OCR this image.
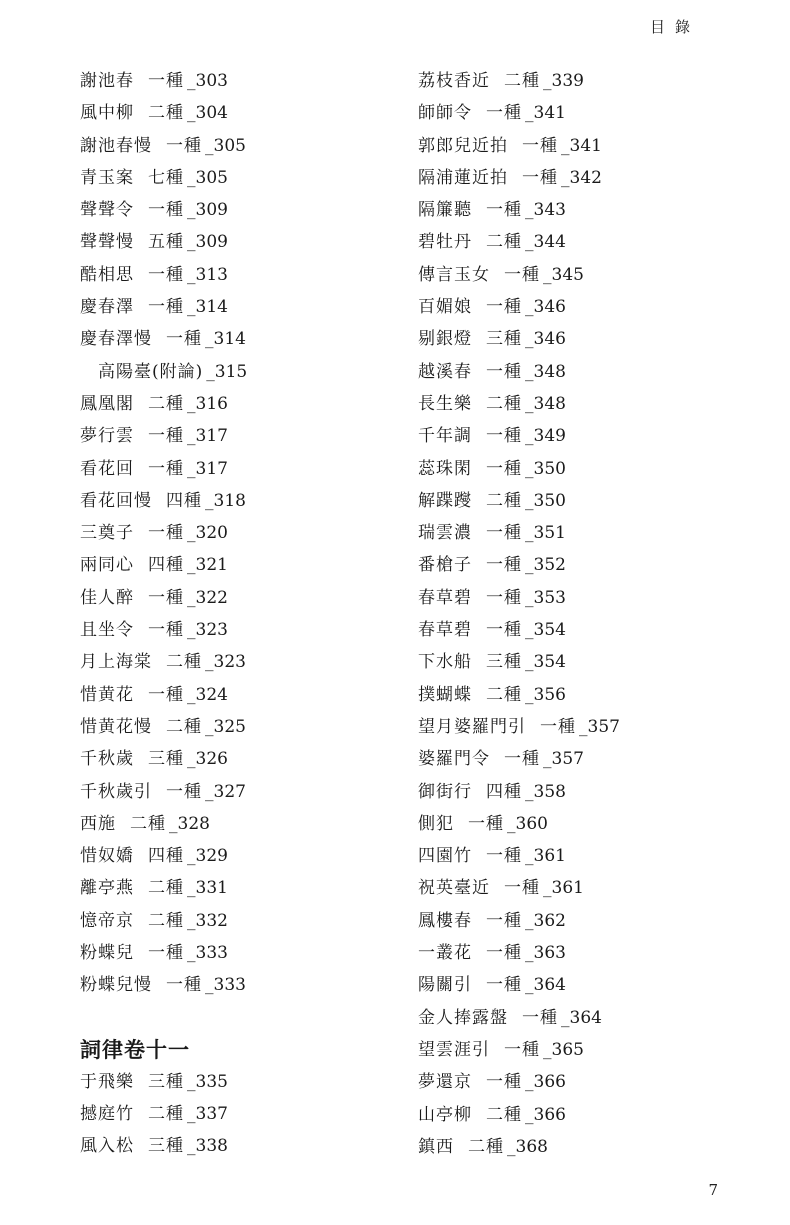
目錄
謝池春 一種 _303
風中柳 二種 _304
謝池春慢 一種 _305
青玉案 七種 _305
聲聲令 一種 _309
聲聲慢 五種 _309
酷相思 一種 _313
慶春澤 一種 _314
慶春澤慢 一種 _314
高陽臺(附論) _315
鳳凰閣 二種 _316
夢行雲 一種 _317
看花回 一種 _317
看花回慢 四種 _318
三奠子 一種 _320
兩同心 四種 _321
佳人醉 一種 _322
且坐令 一種 _323
月上海棠 二種 _323
惜黄花 一種 _324
惜黄花慢 二種 _325
千秋歲 三種 _326
千秋歲引 一種 _327
西施 二種 _328
惜奴嬌 四種 _329
離亭燕 二種 _331
憶帝京 二種 _332
粉蝶兒 一種 _333
粉蝶兒慢 一種 _333
詞律卷十一
于飛樂 三種 _335
撼庭竹 二種 _337
風入松 三種 _338
荔枝香近 二種 _339
師師令 一種 _341
郭郎兒近拍 一種 _341
隔浦蓮近拍 一種 _342
隔簾聽 一種 _343
碧牡丹 二種 _344
傳言玉女 一種 _345
百媚娘 一種 _346
剔銀燈 三種 _346
越溪春 一種 _348
長生樂 二種 _348
千年調 一種 _349
蕊珠閑 一種 _350
解蹀躞 二種 _350
瑞雲濃 一種 _351
番槍子 一種 _352
春草碧 一種 _353
春草碧 一種 _354
下水船 三種 _354
撲蝴蝶 二種 _356
望月婆羅門引 一種 _357
婆羅門令 一種 _357
御街行 四種 _358
側犯 一種 _360
四園竹 一種 _361
祝英臺近 一種 _361
鳳樓春 一種 _362
一叢花 一種 _363
陽關引 一種 _364
金人捧露盤 一種 _364
望雲涯引 一種 _365
夢還京 一種 _366
山亭柳 二種 _366
鎮西 二種 _368
7
